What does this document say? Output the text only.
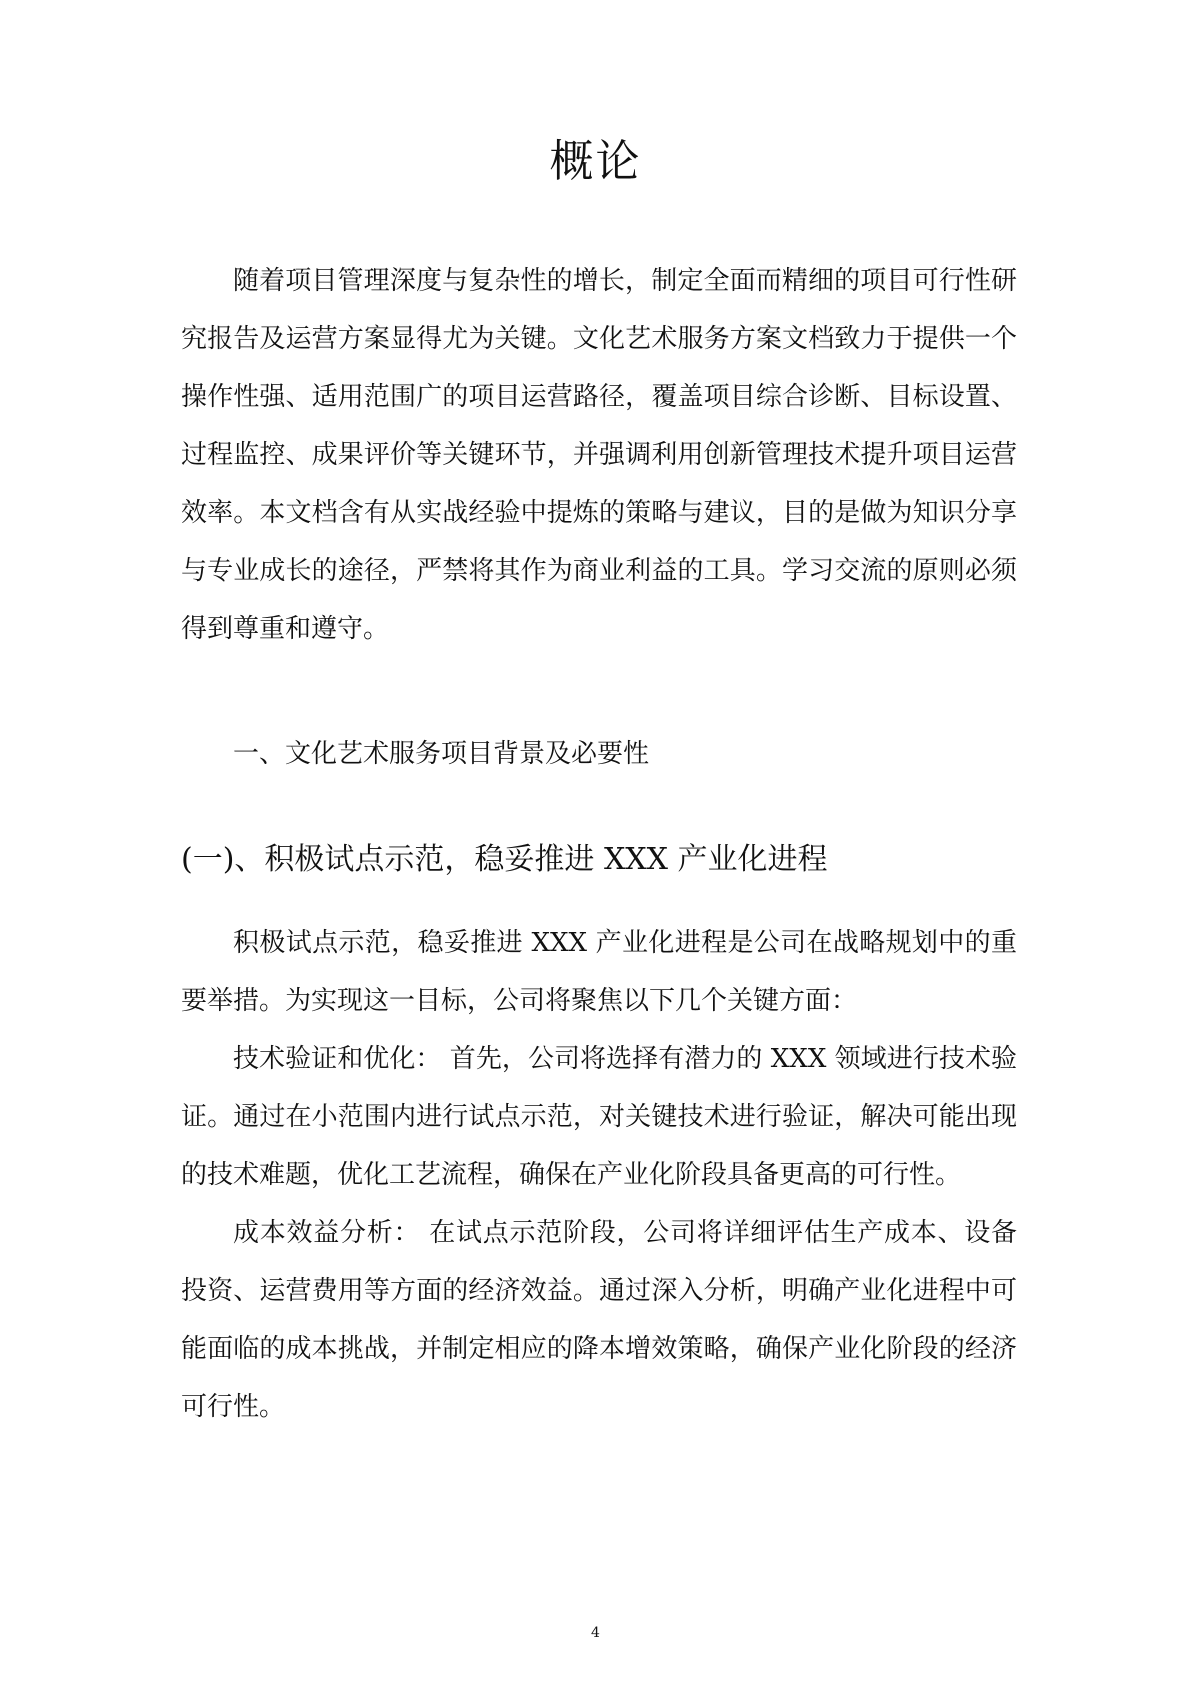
概论

随着项目管理深度与复杂性的增长，制定全面而精细的项目可行性研究报告及运营方案显得尤为关键。文化艺术服务方案文档致力于提供一个操作性强、适用范围广的项目运营路径，覆盖项目综合诊断、目标设置、过程监控、成果评价等关键环节，并强调利用创新管理技术提升项目运营效率。本文档含有从实战经验中提炼的策略与建议，目的是做为知识分享与专业成长的途径，严禁将其作为商业利益的工具。学习交流的原则必须得到尊重和遵守。

一、文化艺术服务项目背景及必要性
(一)、积极试点示范，稳妥推进 XXX 产业化进程

积极试点示范，稳妥推进 XXX 产业化进程是公司在战略规划中的重要举措。为实现这一目标，公司将聚焦以下几个关键方面：

技术验证和优化： 首先，公司将选择有潜力的 XXX 领域进行技术验证。通过在小范围内进行试点示范，对关键技术进行验证，解决可能出现的技术难题，优化工艺流程，确保在产业化阶段具备更高的可行性。

成本效益分析： 在试点示范阶段，公司将详细评估生产成本、设备投资、运营费用等方面的经济效益。通过深入分析，明确产业化进程中可能面临的成本挑战，并制定相应的降本增效策略，确保产业化阶段的经济可行性。

4
